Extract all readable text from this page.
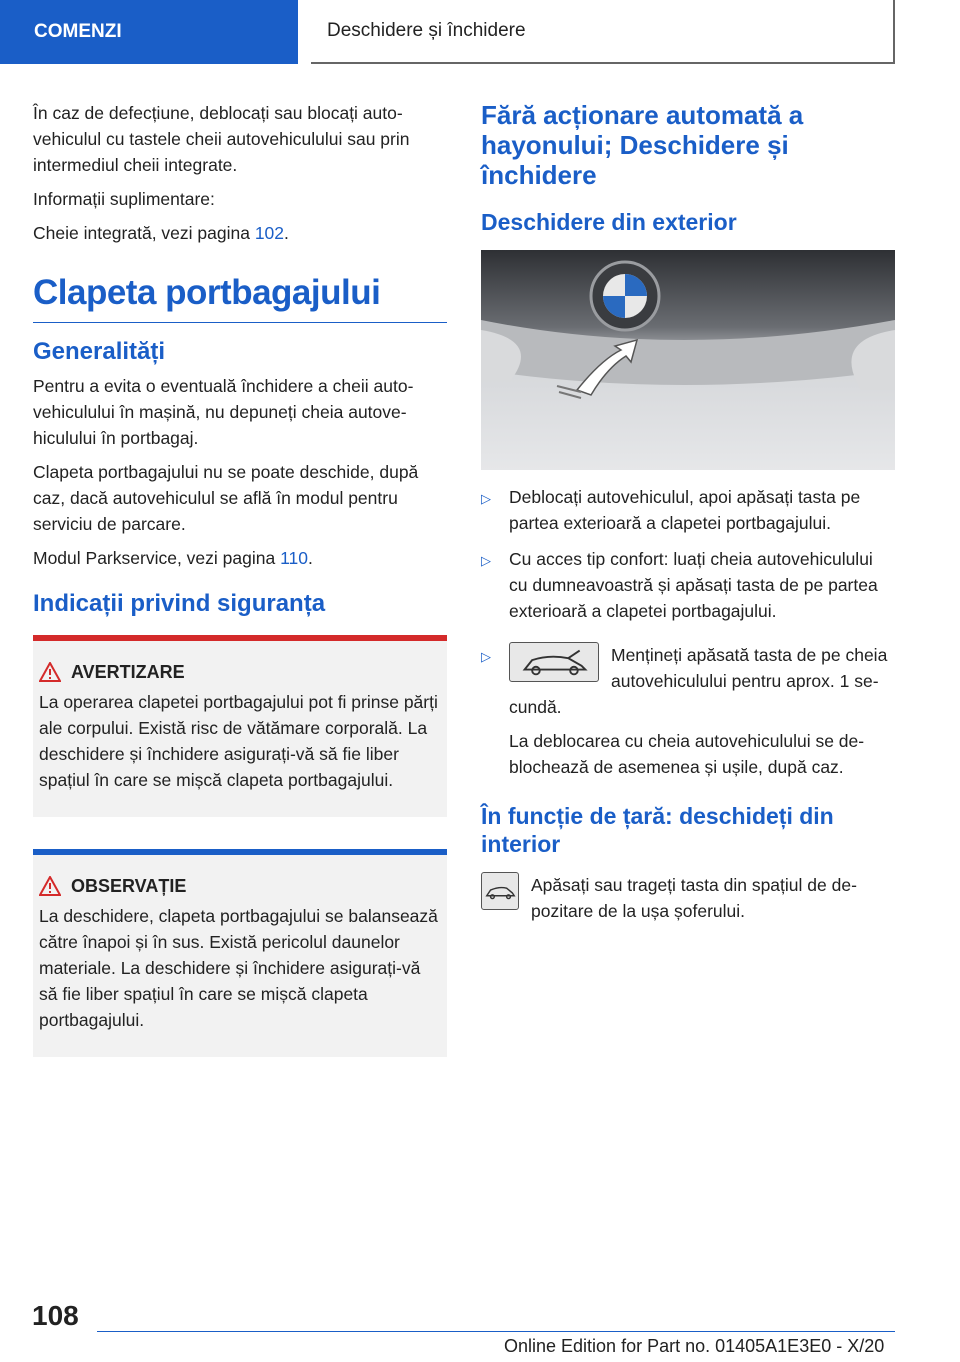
COMENZI	Deschidere și închidere

În caz de defecțiune, deblocați sau blocați autovehiculul cu tastele cheii autovehiculului sau prin intermediul cheii integrate.

Informații suplimentare:

Cheie integrată, vezi pagina 102.

Clapeta portbagajului
Generalități

Pentru a evita o eventuală închidere a cheii autovehiculului în mașină, nu depuneți cheia autovehiculului în portbagaj.

Clapeta portbagajului nu se poate deschide, după caz, dacă autovehiculul se află în modul pentru serviciu de parcare.

Modul Parkservice, vezi pagina 110.

Indicații privind siguranța
AVERTIZARE

La operarea clapetei portbagajului pot fi prinse părți ale corpului. Există risc de vătămare corporală. La deschidere și închidere asigurați-vă să fie liber spațiul în care se mișcă clapeta portbagajului.

OBSERVAȚIE

La deschidere, clapeta portbagajului se balansează către înapoi și în sus. Există pericolul daunelor materiale. La deschidere și închidere asigurați-vă să fie liber spațiul în care se mișcă clapeta portbagajului.

Fără acționare automată a hayonului; Deschidere și închidere
Deschidere din exterior
▷	Deblocați autovehiculul, apoi apăsați tasta pe partea exterioară a clapetei portbagajului.
▷	Cu acces tip confort: luați cheia autovehiculului cu dumneavoastră și apăsați tasta de pe partea exterioară a clapetei portbagajului.
▷	Mențineți apăsată tasta de pe cheia autovehiculului pentru aprox. 1 secundă.

La deblocarea cu cheia autovehiculului se deblochează de asemenea și ușile, după caz.

În funcție de țară: deschideți din interior
Apăsați sau trageți tasta din spațiul de depozitare de la ușa șoferului.
108
Online Edition for Part no. 01405A1E3E0 - X/20
